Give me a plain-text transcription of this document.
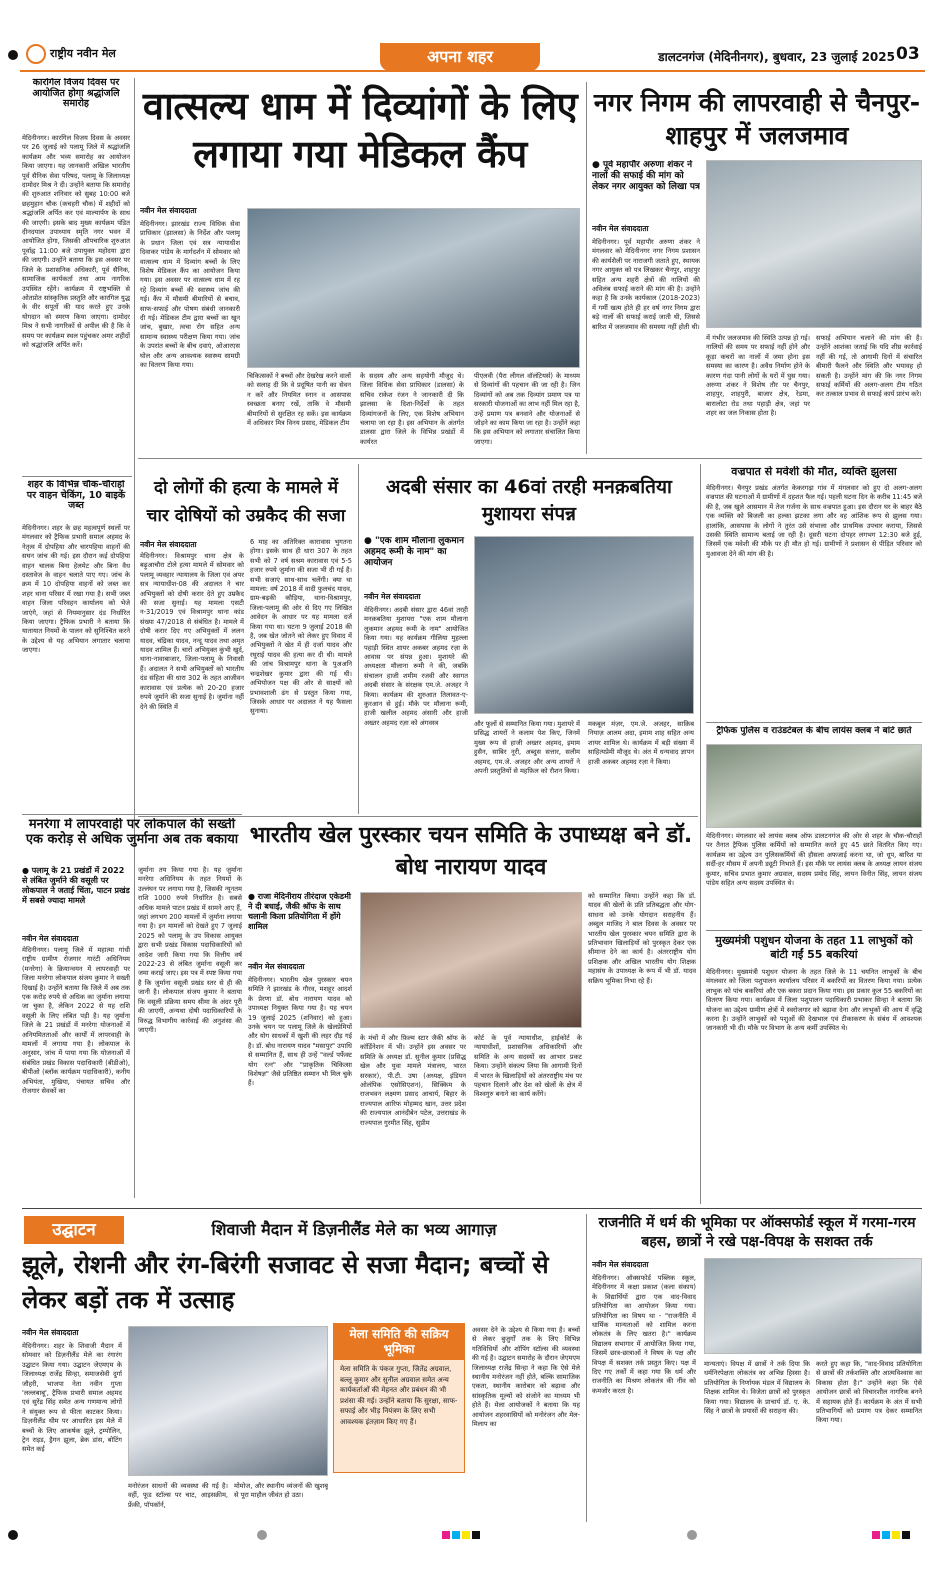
राष्ट्रीय नवीन मेल	अपना शहर	डालटनगंज (मेदिनीनगर), बुधवार, 23 जुलाई 2025 03
कारगिल विजय दिवस पर आयोजित होगा श्रद्धांजलि समारोह
मेदिनीनगर। कारगिल विजय दिवस के अवसर पर 26 जुलाई को पलामू जिले में श्रद्धांजलि कार्यक्रम और भव्य समारोह का आयोजन किया जाएगा। यह जानकारी अखिल भारतीय पूर्व सैनिक सेवा परिषद, पलामू के जिलाध्यक्ष दामोदर मिश्र ने दी। उन्होंने बताया कि समारोह की शुरुआत शनिवार को सुबह 10:00 बजे छहमुहान चौक (कचहरी चौक) में शहीदों को श्रद्धांजलि अर्पित कर एवं माल्यार्पण के साथ की जाएगी। इसके बाद मुख्य कार्यक्रम पंडित दीनदयाल उपाध्याय स्मृति नगर भवन में आयोजित होगा, जिसकी औपचारिक शुरुआत पूर्वाह्न 11:00 बजे उपायुक्त महोदया द्वारा की जाएगी। उन्होंने बताया कि इस अवसर पर जिले के प्रशासनिक अधिकारी, पूर्व सैनिक, सामाजिक कार्यकर्ता तथा आम नागरिक उपस्थित रहेंगे। कार्यक्रम में राष्ट्रभक्ति से ओतप्रोत सांस्कृतिक प्रस्तुति और कारगिल युद्ध के वीर सपूतों की याद करते हुए उनके योगदान को स्मरण किया जाएगा। दामोदर मिश्र ने सभी नागरिकों से अपील की है कि वे समय पर कार्यक्रम स्थल पहुंचकर अमर शहीदों को श्रद्धांजलि अर्पित करें।
शहर के विभिन्न चौक-चौराहों पर वाहन चेकिंग, 10 बाइकें जब्त
मेदिनीनगर। शहर के छह महत्वपूर्ण स्थलों पर मंगलवार को ट्रैफिक प्रभारी समाल अहमद के नेतृत्व में दोपहिया और चारपहिया वाहनों की सघन जांच की गई। इस दौरान कई दोपहिया वाहन चालक बिना हेलमेट और बिना वैध दस्तावेज के वाहन चलाते पाए गए। जांच के क्रम में 10 दोपहिया वाहनों को जब्त कर शहर थाना परिसर में रखा गया है। सभी जब्त वाहन जिला परिवहन कार्यालय को भेजे जाएंगे, जहां से नियमानुसार दंड निर्धारित किया जाएगा। ट्रैफिक प्रभारी ने बताया कि यातायात नियमों के पालन को सुनिश्चित करने के उद्देश्य से यह अभियान लगातार चलाया जाएगा।
मनरेगा में लापरवाही पर लोकपाल की सख्ती एक करोड़ से अधिक जुर्माना अब तक बकाया
● पलामू के 21 प्रखंडों में 2022 से लंबित जुर्माने की वसूली पर लोकपाल ने जताई चिंता, पाटन प्रखंड में सबसे ज्यादा मामले
नवीन मेल संवाददाता
मेदिनीनगर। पलामू जिले में महात्मा गांधी राष्ट्रीय ग्रामीण रोजगार गारंटी अधिनियम (मनरेगा) के क्रियान्वयन में लापरवाही पर जिला मनरेगा लोकपाल संजय कुमार ने सख्ती दिखाई है। उन्होंने बताया कि जिले में अब तक एक करोड़ रुपये से अधिक का जुर्माना लगाया जा चुका है, लेकिन 2022 से यह राशि वसूली के लिए लंबित पड़ी है। यह जुर्माना जिले के 21 प्रखंडों में मनरेगा योजनाओं में अनियमितताओं और कार्यों में लापरवाही के मामलों में लगाया गया है। लोकपाल के अनुसार, जांच में पाया गया कि योजनाओं में संबंधित प्रखंड विकास पदाधिकारी (बीडीओ), बीपीओ (ब्लॉक कार्यक्रम पदाधिकारी), कनीय अभियंता, मुखिया, पंचायत सचिव और रोजगार सेवकों का
जुर्माना तय किया गया है। यह जुर्माना मनरेगा अधिनियम के तहत नियमों के उल्लंघन पर लगाया गया है, जिसकी न्यूनतम राशि 1000 रुपये निर्धारित है। सबसे अधिक मामले पाटन प्रखंड में सामने आए हैं, जहां लगभग 200 मामलों में जुर्माना लगाया गया है। इन मामलों को देखते हुए 7 जुलाई 2025 को पलामू के उप विकास आयुक्त द्वारा सभी प्रखंड विकास पदाधिकारियों को आदेश जारी किया गया कि वित्तीय वर्ष 2022-23 से लंबित जुर्माना वसूली कर जमा कराई जाए। इस पत्र में स्पष्ट किया गया है कि जुर्माना वसूली प्रखंड स्तर से ही की जानी है। लोकपाल संजय कुमार ने बताया कि वसूली प्रक्रिया समय सीमा के अंदर पूरी की जाएगी, अन्यथा दोषी पदाधिकारियों के विरुद्ध विभागीय कार्रवाई की अनुशंसा की जाएगी।
वात्सल्य धाम में दिव्यांगों के लिए लगाया गया मेडिकल कैंप
नवीन मेल संवाददाता
मेदिनीनगर। झारखंड राज्य विधिक सेवा प्राधिकार (झालसा) के निर्देश और पलामू के प्रधान जिला एवं सत्र न्यायाधीश दिवाकर पांडेय के मार्गदर्शन में सोमवार को वात्सल्य धाम में दिव्यांग बच्चों के लिए विशेष मेडिकल कैंप का आयोजन किया गया। इस अवसर पर वात्सल्य धाम में रह रहे दिव्यांग बच्चों की स्वास्थ्य जांच की गई। कैंप में मौसमी बीमारियों से बचाव, साफ-सफाई और पोषण संबंधी जानकारी दी गई। मेडिकल टीम द्वारा बच्चों का खून जांच, बुखार, त्वचा रोग सहित अन्य सामान्य स्वास्थ्य परीक्षण किया गया। जांच के उपरांत बच्चों के बीच दवाएं, ओआरएस घोल और अन्य आवश्यक स्वास्थ्य सामग्री का वितरण किया गया।
चिकित्सकों ने बच्चों और देखरेख करने वालों को सलाह दी कि वे प्रदूषित पानी का सेवन न करें और नियमित स्नान व आसपास स्वच्छता बनाए रखें, ताकि वे मौसमी बीमारियों से सुरक्षित रह सकें। इस कार्यक्रम में अधिकार मित्र विनय प्रसाद, मेडिकल टीम
के सदस्य और अन्य सहयोगी मौजूद थे। जिला विधिक सेवा प्राधिकार (डालसा) के सचिव राकेश रंजन ने जानकारी दी कि झालसा के दिशा-निर्देशों के तहत दिव्यांगजनों के लिए, एक विशेष अभियान चलाया जा रहा है। इस अभियान के अंतर्गत डालसा द्वारा जिले के विभिन्न प्रखंडों में कार्यरत
पीएलवी (पैरा लीगल वॉलंटियर्स) के माध्यम से दिव्यांगों की पहचान की जा रही है। जिन दिव्यांगों को अब तक दिव्यांग प्रमाण पत्र या सरकारी योजनाओं का लाभ नहीं मिल रहा है, उन्हें प्रमाण पत्र बनवाने और योजनाओं से जोड़ने का काम किया जा रहा है। उन्होंने कहा कि इस अभियान को लगातार संचालित किया जाएगा।
नगर निगम की लापरवाही से चैनपुर-शाहपुर में जलजमाव
● पूर्व महापौर अरुणा शंकर ने नालों की सफाई की मांग को लेकर नगर आयुक्त को लिखा पत्र
नवीन मेल संवाददाता
मेदिनीनगर। पूर्व महापौर अरुणा शंकर ने मंगलवार को मेदिनीनगर नगर निगम प्रशासन की कार्यशैली पर नाराजगी जताते हुए, स्थायक नगर आयुक्त को पत्र लिखकर चैनपुर, शाहपुर सहित अन्य शहरी क्षेत्रों की नालियों की अविलंब सफाई कराने की मांग की है। उन्होंने कहा है कि उनके कार्यकाल (2018-2023) में गर्मी खत्म होते ही हर वर्ष नगर निगम द्वारा बड़े नालों की सफाई कराई जाती थी, जिससे बारिश में जलजमाव की समस्या नहीं होती थी।
में गंभीर जलजमाव की स्थिति उत्पन्न हो गई। नालियों की समय पर सफाई नहीं होने और कूड़ा कचरों का नालों में जमा होना इस समस्या का कारण है। अवैध निर्माण होने के कारण गंदा पानी लोगों के घरों में घुस गया। अरुणा शंकर ने विशेष तौर पर चैनपुर, शाहपुर, शाहपुरी, बाजार क्षेत्र, रेडमा, बारालोटा रोड तथा पहाड़ी क्षेत्र, जहां पर शहर का जल निकास होता है।
सफाई अभियान चलाने की मांग की है। उन्होंने आशंका जताई कि यदि शीघ्र कार्रवाई नहीं की गई, तो आगामी दिनों में संचारित बीमारी फैलने और स्थिति और भयावह हो सकती है। उन्होंने मांग की कि नगर निगम सफाई कर्मियों की अलग-अलग टीम गठित कर तत्काल प्रभाव से सफाई कार्य प्रारंभ करे।
दो लोगों की हत्या के मामले में चार दोषियों को उम्रकैद की सजा
नवीन मेल संवाददाता
मेदिनीनगर। विश्रामपुर थाना क्षेत्र के बढ़ुआचौरा टोले हत्या मामले में सोमवार को पलामू व्यवहार न्यायालय के जिला एवं अपर सत्र न्यायाधीश-08 की अदालत ने चार अभियुक्तों को दोषी करार देते हुए उम्रकैद की सजा सुनाई। यह मामला एसटी न-31/2019 एवं विश्रामपुर थाना कांड संख्या 47/2018 से संबंधित है। मामले में दोषी करार दिए गए अभियुक्तों में ललन यादव, चंद्रिका यादव, नन्दू यादव तथा अमृत यादव शामिल हैं। चारों अभियुक्त कुंभी खुर्द, थाना-नावाबाजार, जिला-पलामू के निवासी हैं। अदालत ने सभी अभियुक्तों को भारतीय दंड संहिता की धारा 302 के तहत आजीवन कारावास एवं प्रत्येक को 20-20 हजार रुपये जुर्माने की सजा सुनाई है। जुर्माना नहीं देने की स्थिति में
6 माह का अतिरिक्त कारावास भुगतना होगा। इसके साथ ही धारा 307 के तहत सभी को 7 वर्ष सश्रम कारावास एवं 5-5 हजार रुपये जुर्माना की सजा भी दी गई है। सभी सजाएं साथ-साथ चलेंगी। क्या था मामला: वर्ष 2018 में वादी फुलचंद यादव, ग्राम-बढ़की कौड़िया, थाना-विश्रामपुर, जिला-पलामू की ओर से दिए गए लिखित आवेदन के आधार पर यह मामला दर्ज किया गया था। घटना 9 जुलाई 2018 की है, जब खेत जोतने को लेकर हुए विवाद में अभियुक्तों ने खेत में ही दर्जा यादव और रघुराई यादव की हत्या कर दी थी। मामले की जांच विश्रामपुर थाना के पुअअनि चन्द्रशेखर कुमार द्वारा की गई थी। अभियोजन पक्ष की ओर से साक्ष्यों को प्रभावशाली ढंग से प्रस्तुत किया गया, जिसके आधार पर अदालत ने यह फैसला सुनाया।
अदबी संसार का 46वां तरही मनक़बतिया मुशायरा संपन्न
● "एक शाम मौलाना लुकमान अहमद रूमी के नाम" का आयोजन
नवीन मेल संवाददाता
मेदिनीनगर। अदबी संसार द्वारा 46वां तरही मनक़बतिया मुशायरा "एक शाम मौलाना लुकमान अहमद रूमी के नाम" आयोजित किया गया। यह कार्यक्रम गीलिया मुहल्ला पहाड़ी स्थित शायर अकबर अहमद रज़ा के आवास पर संपन्न हुआ। मुशायरे की अध्यक्षता मौलाना रूमी ने की, जबकि संचालन हाजी शमीम रजवी और स्वागत अदबी संसार के संरक्षक एम.जे. अजहर ने किया। कार्यक्रम की शुरुआत तिलावत-ए-कुरआन से हुई। मौके पर मौलाना रूमी, हाजी खलील अहमद अंसारी और हाजी अख्तर अहमद रज़ा को अंगवस्त्र	और फूलों से सम्मानित किया गया। मुशायरे में प्रसिद्ध शायरों ने कलाम पेश किए, जिनमें मुख्य रूप से हाजी अख्तर अहमद, इमाम हुसैन, साबिर नूरी, अब्दुस सत्तार, सलीम अहमद, एम.जे. अजहर और अन्य शायरों ने अपनी प्रस्तुतियों से महफ़िल को रौशन किया।
मकबूल मंज़र, एम.जे. अजहर, साक़िब नियाज़ आलम अदा, इमाम शाह सहित अन्य शायर शामिल थे। कार्यक्रम में बड़ी संख्या में साहित्यप्रेमी मौजूद थे। अंत में धन्यवाद ज्ञापन हाजी अकबर अहमद रज़ा ने किया।
वज्रपात से मवेशी की मौत, व्यक्ति झुलसा
मेदिनीनगर। चैनपुर प्रखंड अंतर्गत केकरगढ़ा गांव में मंगलवार को हुए दो अलग-अलग वज्रपात की घटनाओं में ग्रामीणों में दहशत फैल गई। पहली घटना दिन के करीब 11:45 बजे की है, जब खुले आसमान में तेज गर्जना के साथ वज्रपात हुआ। इस दौरान घर के बाहर बैठे एक व्यक्ति को बिजली का हल्का झटका लगा और वह आंशिक रूप से झुलस गया। हालांकि, आसपास के लोगों ने तुरंत उसे संभाला और प्राथमिक उपचार कराया, जिससे उसकी स्थिति सामान्य बताई जा रही है। दूसरी घटना दोपहर लगभग 12:30 बजे हुई, जिसमें एक मवेशी की मौके पर ही मौत हो गई। ग्रामीणों ने प्रशासन से पीड़ित परिवार को मुआवजा देने की मांग की है।
ट्रैफिक पुलिस व राउंडटेबल के बीच लायंस क्लब ने बांटे छाते
मेदिनीनगर। मंगलवार को लायंस क्लब ऑफ डालटनगंज की ओर से शहर के चौक-चौराहों पर तैनात ट्रैफिक पुलिस कर्मियों को सम्मानित करते हुए 45 छाते वितरित किए गए। कार्यक्रम का उद्देश्य उन पुलिसकर्मियों की हौसला अफजाई करना था, जो धूप, बारिश या सर्दी-हर मौसम में अपनी ड्यूटी निभाते हैं। इस मौके पर लायंस क्लब के अध्यक्ष लायन संजय कुमार, सचिव प्रभात कुमार अग्रवाल, सदस्य प्रमोद सिंह, लायन विनीत सिंह, लायन संजय पांडेय सहित अन्य सदस्य उपस्थित थे।
मुख्यमंत्री पशुधन योजना के तहत 11 लाभुकों को बांटी गईं 55 बकरियां
मेदिनीनगर। मुख्यमंत्री पशुधन योजना के तहत जिले के 11 चयनित लाभुकों के बीच मंगलवार को जिला पशुपालन कार्यालय परिसर में बकरियों का वितरण किया गया। प्रत्येक लाभुक को पांच बकरियां और एक बकरा प्रदान किया गया। इस प्रकार कुल 55 बकरियों का वितरण किया गया। कार्यक्रम में जिला पशुपालन पदाधिकारी प्रभाकर सिन्हा ने बताया कि योजना का उद्देश्य ग्रामीण क्षेत्रों में स्वरोजगार को बढ़ावा देना और लाभुकों की आय में वृद्धि करना है। उन्होंने लाभुकों को पशुओं की देखभाल एवं टीकाकरण के संबंध में आवश्यक जानकारी भी दी। मौके पर विभाग के अन्य कर्मी उपस्थित थे।
भारतीय खेल पुरस्कार चयन समिति के उपाध्यक्ष बने डॉ. बोध नारायण यादव
● राजा मेदिनीराय तीरंदाज एकेडमी ने दी बधाई, जैकी श्रॉफ के साथ चलानी किला प्रतियोगिता में होंगे शामिल
नवीन मेल संवाददाता
मेदिनीनगर। भारतीय खेल पुरस्कार चयन समिति ने झारखंड के गौरव, मशहूर आदर्श के प्रेरणा डॉ. बोध नारायण यादव को उपाध्यक्ष नियुक्त किया गया है। यह चयन 19 जुलाई 2025 (शनिवार) को हुआ। उनके चयन पर पलामू जिले के खेलप्रेमियों और योग साधकों में खुशी की लहर दौड़ गई है। डॉ. बोध नारायण यादव "मसापुर" उपाधि से सम्मानित हैं, साथ ही उन्हें "वर्ल्ड पर्फेक्ट योग रत्न" और "प्राकृतिक चिकित्सा विशेषज्ञ" जैसे प्रतिष्ठित सम्मान भी मिल चुके हैं।
के मंचों में और फ़िल्म स्टार जैकी श्रॉफ के कॉर्डिनेशन में भी। उन्होंने इस अवसर पर समिति के अध्यक्ष डॉ. सुनील कुमार (प्रसिद्ध खेल और युवा मामले मंत्रालय, भारत सरकार), पी.टी. उषा (अध्यक्ष, इंडियन ओलंपिक एसोसिएशन), सिक्किम के राजभवन लक्ष्मण प्रसाद आचार्य, बिहार के राज्यपाल आरिफ मोहम्मद खान, उत्तर प्रदेश की राज्यपाल आनंदीबेन पटेल, उत्तराखंड के राज्यपाल गुरमीत सिंह, सुप्रीम
कोर्ट के पूर्व न्यायाधीश, हाईकोर्ट के न्यायाधीशों, प्रशासनिक अधिकारियों और समिति के अन्य सदस्यों का आभार प्रकट किया। उन्होंने संकल्प लिया कि आगामी दिनों में भारत के खिलाड़ियों को अंतरराष्ट्रीय मंच पर पहचान दिलाने और देश को खेलों के क्षेत्र में विश्वगुरु बनाने का कार्य करेंगे।
को सम्मानित किया। उन्होंने कहा कि डॉ. यादव की खेलों के प्रति प्रतिबद्धता और योग-साधना को उनके योगदान सराहनीय हैं। अब्दुल माजिद ने बाल दिवस के अवसर पर भारतीय खेल पुरस्कार चयन समिति द्वारा के प्रतिभावान खिलाड़ियों को पुरस्कृत देकर एक सीमान्त देने का कार्य है। अंतरराष्ट्रीय योग प्रशिक्षक और अखिल भारतीय योग शिक्षक महासंघ के उपाध्यक्ष के रूप में भी डॉ. यादव सक्रिय भूमिका निभा रहे हैं।
उद्घाटन	शिवाजी मैदान में डिज़नीलैंड मेले का भव्य आगाज़
झूले, रोशनी और रंग-बिरंगी सजावट से सजा मैदान; बच्चों से लेकर बड़ों तक में उत्साह
नवीन मेल संवाददाता
मेदिनीनगर। शहर के शिवाजी मैदान में सोमवार को डिज़नीलैंड मेले का रंगारंग उद्घाटन किया गया। उद्घाटन जेएमएम के जिलाध्यक्ष राजेंद्र सिन्हा, समाजसेवी दुर्गा जौहरी, भाजपा नेता नवीन गुप्ता 'लल्लबाबू', ट्रैफिक प्रभारी समाल अहमद एवं सुरेंद्र सिंह समेत अन्य गणमान्य लोगों ने संयुक्त रूप से फीता काटकर किया। डिज़नीलैंड थीम पर आधारित इस मेले में बच्चों के लिए आकर्षक झूले, ट्रम्पोलिन, ट्रेन राइड, ड्रैगन झूला, ब्रेक डांस, बोटिंग समेत कई
मनोरंजन साधनों की व्यवस्था की गई है। वहीं, फूड स्टॉल्स पर चाट, आइसक्रीम, फ्रेंकी, पॉपकॉर्न,
मोमोज, और स्थानीय व्यंजनों की खुशबू से पूरा माहौल जीवंत हो उठा।
मेला समिति की सक्रिय भूमिका
मेला समिति के पंकज गुप्ता, जितेंद्र अग्रवाल, बल्लू कुमार और सुनील अग्रवाल समेत अन्य कार्यकर्ताओं की मेहनत और प्रबंधन की भी प्रशंसा की गई। उन्होंने बताया कि सुरक्षा, साफ-सफाई और भीड़ नियंत्रण के लिए सभी आवश्यक इंतज़ाम किए गए हैं।
अवसर देने के उद्देश्य से किया गया है। बच्चों से लेकर बुजुर्गों तक के लिए विभिन्न गतिविधियों और शॉपिंग स्टॉल्स की व्यवस्था की गई है। उद्घाटन समारोह के दौरान जेएमएम जिलाध्यक्ष राजेंद्र सिन्हा ने कहा कि ऐसे मेले स्थानीय मनोरंजन नहीं होते, बल्कि सामाजिक एकता, स्थानीय कारोबार को बढ़ावा और सांस्कृतिक मूल्यों को संजोने का माध्यम भी होते हैं। मेला आयोजकों ने बताया कि यह आयोजन शहरवासियों को मनोरंजन और मेल-मिलाप का
राजनीति में धर्म की भूमिका पर ऑक्सफोर्ड स्कूल में गरमा-गरम बहस, छात्रों ने रखे पक्ष-विपक्ष के सशक्त तर्क
नवीन मेल संवाददाता
मेदिनीनगर। ऑक्सफोर्ड पब्लिक स्कूल, मेदिनीनगर में कक्षा प्रकाश (कला संकाय) के विद्यार्थियों द्वारा एक वाद-विवाद प्रतियोगिता का आयोजन किया गया। प्रतियोगिता का विषय था - "राजनीति में धार्मिक मान्यताओं को शामिल करना लोकतंत्र के लिए खतरा है।" कार्यक्रम विद्यालय सभागार में आयोजित किया गया, जिसमें छात्र-छात्राओं ने विषय के पक्ष और विपक्ष में सशक्त तर्क प्रस्तुत किए। पक्ष में दिए गए तर्कों में कहा गया कि धर्म और राजनीति का मिश्रण लोकतंत्र की नींव को कमजोर करता है।
मान्यताएं। विपक्ष में छात्रों ने तर्क दिया कि धर्मनिरपेक्षता लोकतंत्र का अभिन्न हिस्सा है। प्रतियोगिता के निर्णायक मंडल में विद्यालय के शिक्षक शामिल थे। विजेता छात्रों को पुरस्कृत किया गया। विद्यालय के प्राचार्य डॉ. ए. के. सिंह ने छात्रों के प्रयासों की सराहना की।
करते हुए कहा कि, "वाद-विवाद प्रतियोगिता से छात्रों की तर्कशक्ति और आत्मविश्वास का विकास होता है।" उन्होंने कहा कि ऐसे आयोजन छात्रों को विचारशील नागरिक बनने में सहायक होते हैं। कार्यक्रम के अंत में सभी प्रतिभागियों को प्रमाण पत्र देकर सम्मानित किया गया।
